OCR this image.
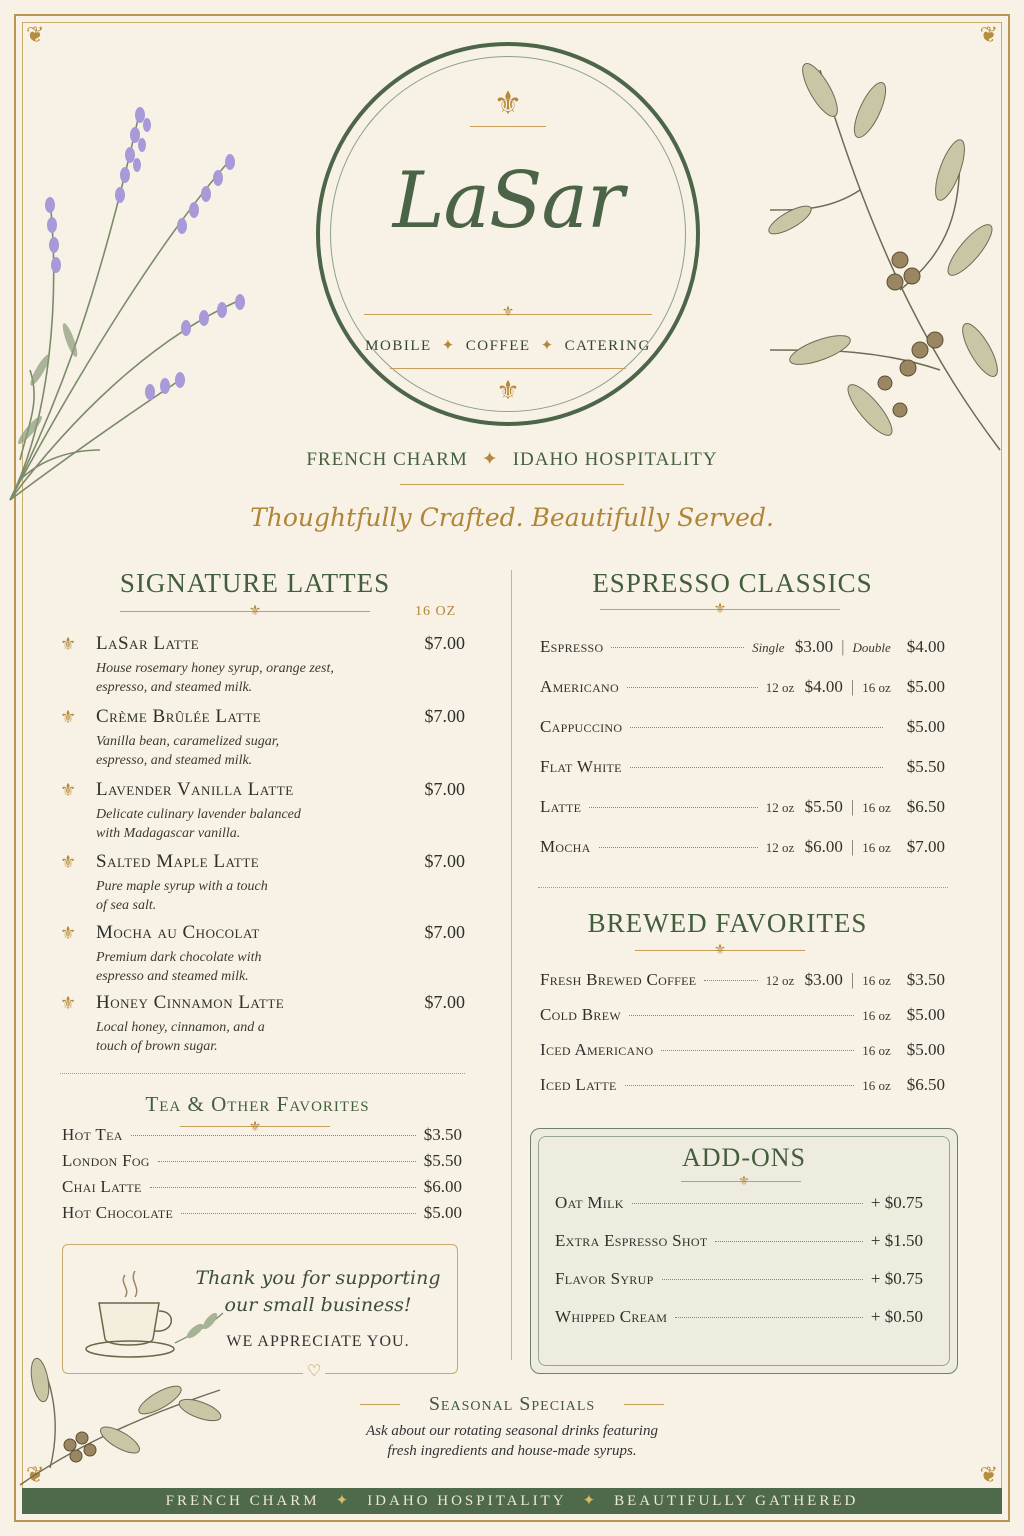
❦	❦
❦	❦
⚜
LaSar
⚜
MOBILE ✦ COFFEE ✦ CATERING
⚜
FRENCH CHARM ✦ IDAHO HOSPITALITY
Thoughtfully Crafted. Beautifully Served.
SIGNATURE LATTES
⚜	16 OZ
⚜ LaSar Latte	$7.00
House rosemary honey syrup, orange zest,
espresso, and steamed milk.
⚜ Crème Brûlée Latte	$7.00
Vanilla bean, caramelized sugar,
espresso, and steamed milk.
⚜ Lavender Vanilla Latte	$7.00
Delicate culinary lavender balanced
with Madagascar vanilla.
⚜ Salted Maple Latte	$7.00
Pure maple syrup with a touch
of sea salt.
⚜ Mocha au Chocolat	$7.00
Premium dark chocolate with
espresso and steamed milk.
⚜ Honey Cinnamon Latte	$7.00
Local honey, cinnamon, and a
touch of brown sugar.
Tea & Other Favorites
⚜
Hot Tea	$3.50
London Fog	$5.50
Chai Latte	$6.00
Hot Chocolate	$5.00
Thank you for supporting
our small business!
WE APPRECIATE YOU.
♡
ESPRESSO CLASSICS
⚜
Espresso	Single $3.00 | Double $4.00
Americano	12 oz $4.00 | 16 oz $5.00
Cappuccino	$5.00
Flat White	$5.50
Latte	12 oz $5.50 | 16 oz $6.50
Mocha	12 oz $6.00 | 16 oz $7.00
BREWED FAVORITES
⚜
Fresh Brewed Coffee	12 oz $3.00 | 16 oz $3.50
Cold Brew	16 oz $5.00
Iced Americano	16 oz $5.00
Iced Latte	16 oz $6.50
ADD-ONS
⚜
Oat Milk	+ $0.75
Extra Espresso Shot	+ $1.50
Flavor Syrup	+ $0.75
Whipped Cream	+ $0.50
Seasonal Specials
Ask about our rotating seasonal drinks featuring
fresh ingredients and house-made syrups.
FRENCH CHARM ✦ IDAHO HOSPITALITY ✦ BEAUTIFULLY GATHERED
